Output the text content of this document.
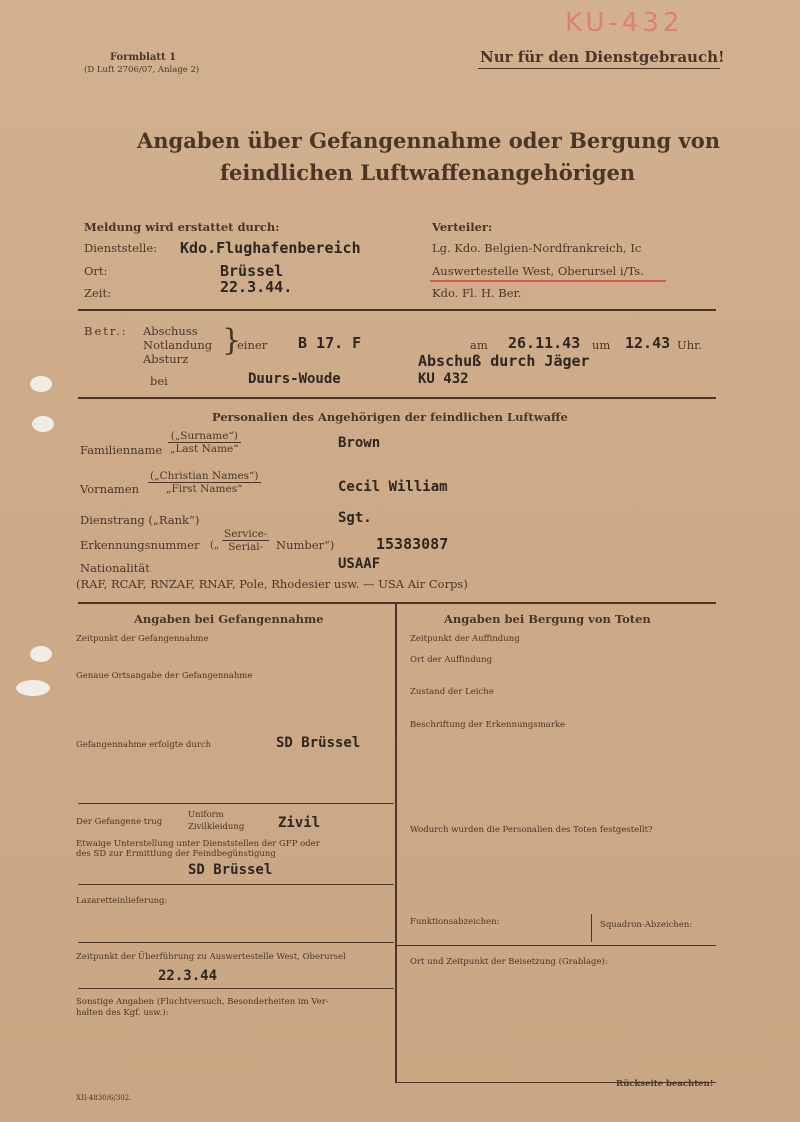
Formblatt 1
(D Luft 2706/07, Anlage 2)
Nur für den Dienstgebrauch!
KU-432
Angaben über Gefangennahme oder Bergung von
feindlichen Luftwaffenangehörigen
Meldung wird erstattet durch:
Dienststelle: Kdo.Flughafenbereich
Ort:	Brüssel
Zeit:	22.3.44.
Verteiler:
Lg. Kdo. Belgien-Nordfrankreich, Ic
Auswertestelle West, Oberursel i/Ts.
Kdo. Fl. H. Ber.
Betr.: Abschuss
Notlandung
Absturz
}
einer B 17. F	am 26.11.43 um 12.43 Uhr.
Abschuß durch Jäger
bei	Duurs-Woude	KU 432
Personalien des Angehörigen der feindlichen Luftwaffe
Familienname
(„Surname“)
„Last Name“	Brown
Vornamen
(„Christian Names“)
„First Names“	Cecil William
Dienstrang („Rank“)	Sgt.
Erkennungsnummer („
Service-
Serial-	Number“)	15383087
Nationalität	USAAF
(RAF, RCAF, RNZAF, RNAF, Pole, Rhodesier usw. — USA Air Corps)
Angaben bei Gefangennahme
Zeitpunkt der Gefangennahme
Genaue Ortsangabe der Gefangennahme
Gefangennahme erfolgte durch	SD Brüssel
Der Gefangene trug
Uniform
Zivilkleidung Zivil
Etwaige Unterstellung unter Dienststellen der GFP oder
des SD zur Ermittlung der Feindbegünstigung
SD Brüssel
Lazaretteinlieferung:
Zeitpunkt der Überführung zu Auswertestelle West, Oberursel
22.3.44
Sonstige Angaben (Fluchtversuch, Besonderheiten im Ver-
halten des Kgf. usw.):
Angaben bei Bergung von Toten
Zeitpunkt der Auffindung
Ort der Auffindung
Zustand der Leiche
Beschriftung der Erkennungsmarke
Wodurch wurden die Personalien des Toten festgestellt?
Funktionsabzeichen:	Squadron-Abzeichen:
Ort und Zeitpunkt der Beisetzung (Grablage):
XII-4830/6/302.
Rückseite beachten!
